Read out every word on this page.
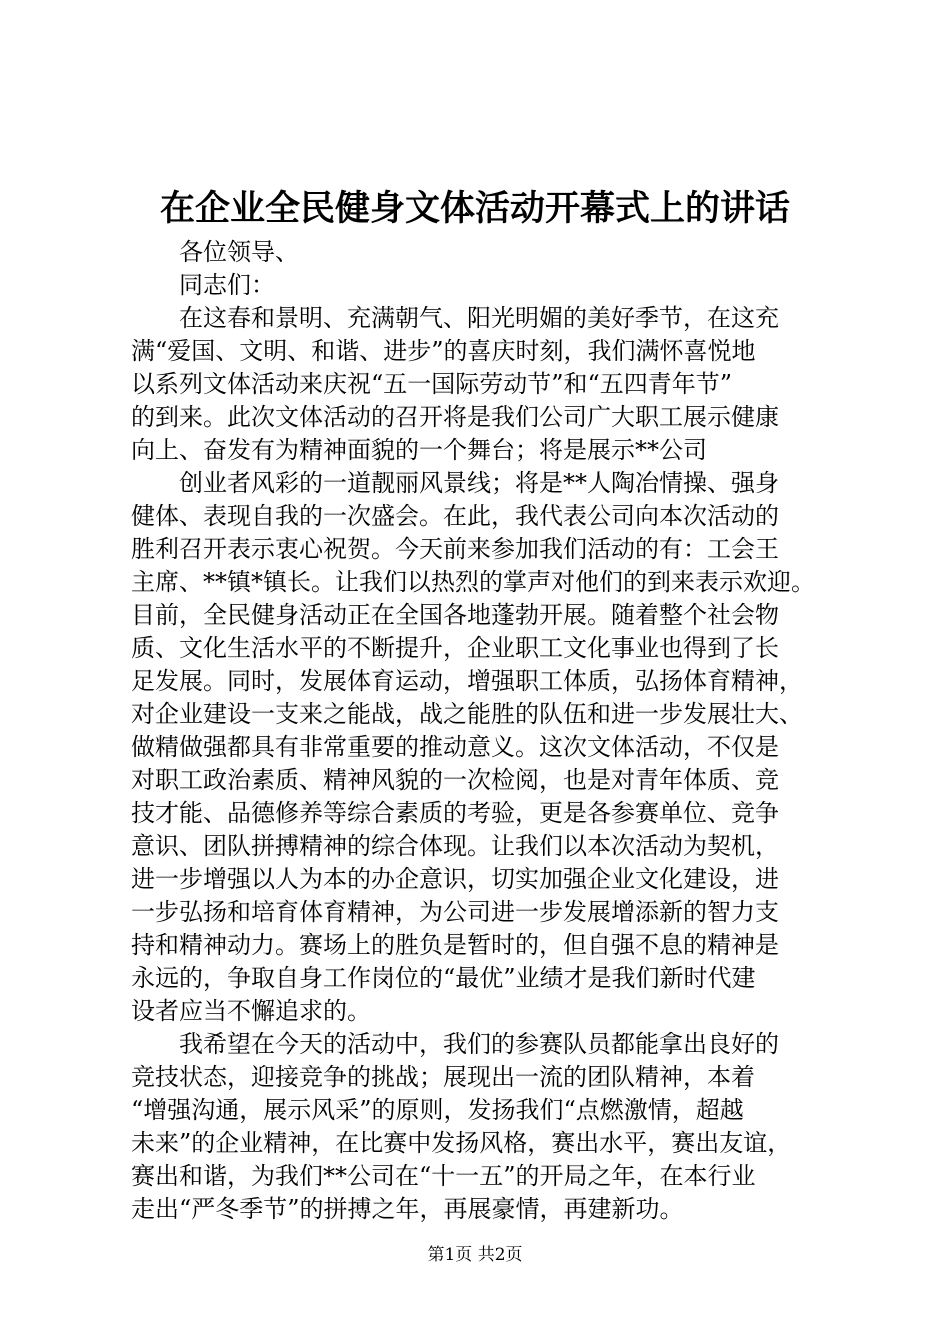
在企业全民健身文体活动开幕式上的讲话
各位领导、
同志们：
在这春和景明、充满朝气、阳光明媚的美好季节，在这充
满“爱国、文明、和谐、进步”的喜庆时刻，我们满怀喜悦地
以系列文体活动来庆祝“五一国际劳动节”和“五四青年节”
的到来。此次文体活动的召开将是我们公司广大职工展示健康
向上、奋发有为精神面貌的一个舞台；将是展示**公司
创业者风彩的一道靓丽风景线；将是**人陶冶情操、强身
健体、表现自我的一次盛会。在此，我代表公司向本次活动的
胜利召开表示衷心祝贺。今天前来参加我们活动的有：工会王
主席、**镇*镇长。让我们以热烈的掌声对他们的到来表示欢迎。
目前，全民健身活动正在全国各地蓬勃开展。随着整个社会物
质、文化生活水平的不断提升，企业职工文化事业也得到了长
足发展。同时，发展体育运动，增强职工体质，弘扬体育精神，
对企业建设一支来之能战，战之能胜的队伍和进一步发展壮大、
做精做强都具有非常重要的推动意义。这次文体活动，不仅是
对职工政治素质、精神风貌的一次检阅，也是对青年体质、竞
技才能、品德修养等综合素质的考验，更是各参赛单位、竞争
意识、团队拼搏精神的综合体现。让我们以本次活动为契机，
进一步增强以人为本的办企意识，切实加强企业文化建设，进
一步弘扬和培育体育精神，为公司进一步发展增添新的智力支
持和精神动力。赛场上的胜负是暂时的，但自强不息的精神是
永远的，争取自身工作岗位的“最优”业绩才是我们新时代建
设者应当不懈追求的。
我希望在今天的活动中，我们的参赛队员都能拿出良好的
竞技状态，迎接竞争的挑战；展现出一流的团队精神，本着
“增强沟通，展示风采”的原则，发扬我们“点燃激情，超越
未来”的企业精神，在比赛中发扬风格，赛出水平，赛出友谊，
赛出和谐，为我们**公司在“十一五”的开局之年，在本行业
走出“严冬季节”的拼搏之年，再展豪情，再建新功。
第1页 共2页
